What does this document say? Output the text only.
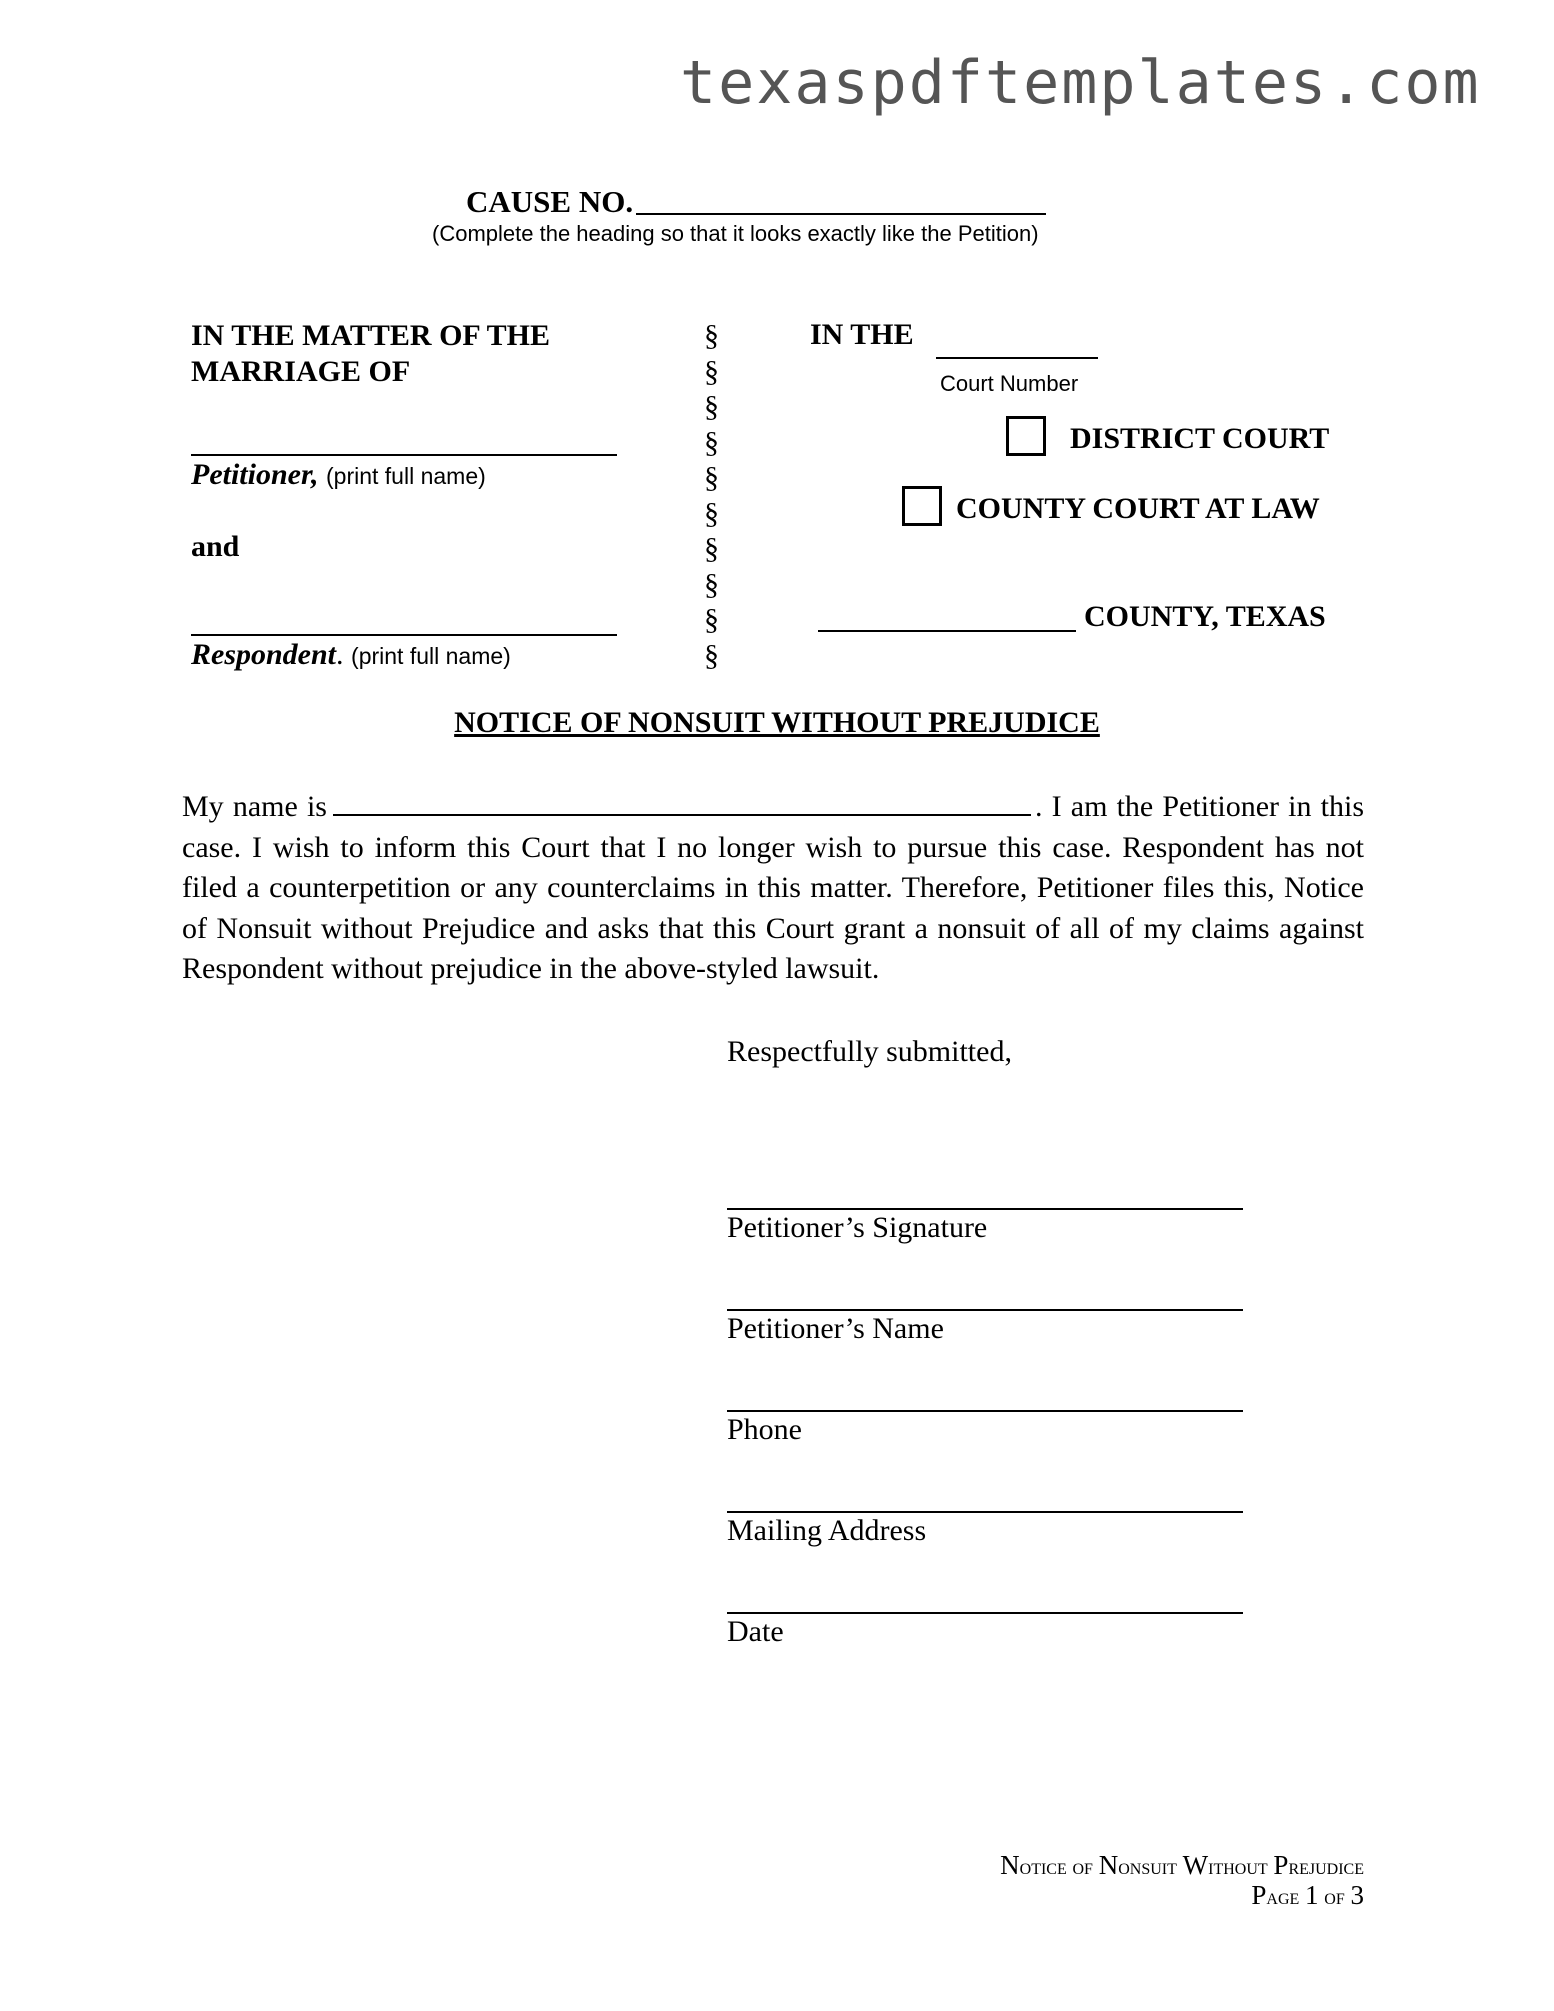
texaspdftemplates.com
CAUSE NO.
(Complete the heading so that it looks exactly like the Petition)
IN THE MATTER OF THE
MARRIAGE OF
Petitioner, (print full name)
and
Respondent. (print full name)
§
§
§
§
§
§
§
§
§
§
IN THE
Court Number
DISTRICT COURT
COUNTY COURT AT LAW
COUNTY, TEXAS
NOTICE OF NONSUIT WITHOUT PREJUDICE
My name is	. I am the Petitioner in this case. I wish to inform this Court that I no longer wish to pursue this case. Respondent has not filed a counterpetition or any counterclaims in this matter. Therefore, Petitioner files this, Notice of Nonsuit without Prejudice and asks that this Court grant a nonsuit of all of my claims against Respondent without prejudice in the above-styled lawsuit.
Respectfully submitted,
Petitioner’s Signature
Petitioner’s Name
Phone
Mailing Address
Date
Notice of Nonsuit Without Prejudice
Page 1 of 3
